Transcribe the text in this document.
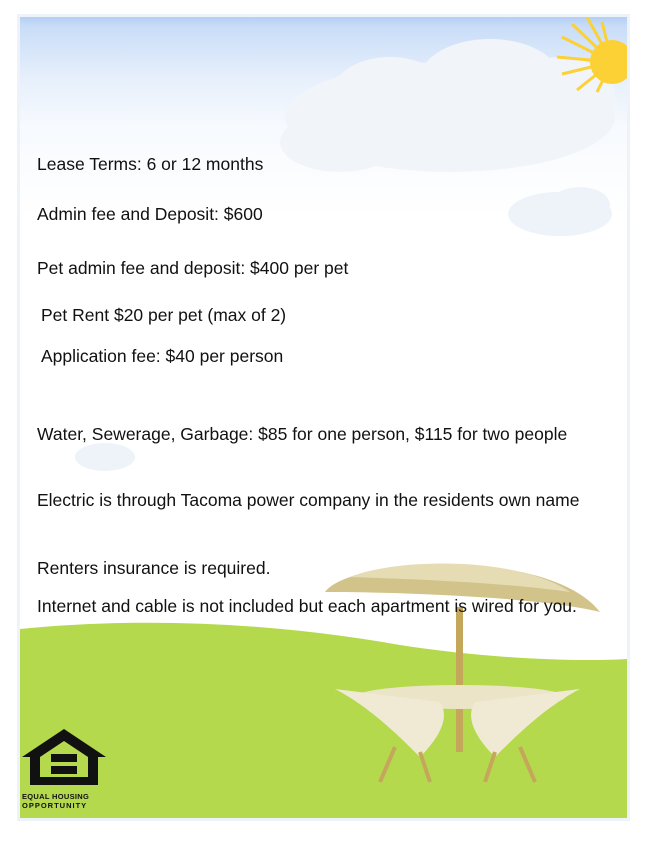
Lease Terms: 6 or 12 months
Admin fee and Deposit: $600
Pet admin fee and deposit: $400 per pet
Pet Rent $20 per pet (max of 2)
Application fee: $40 per person
Water, Sewerage, Garbage: $85 for one person, $115 for two people
Electric is through Tacoma power company in the residents own name
Renters insurance is required.
Internet and cable is not included but each apartment is wired for you.
EQUAL HOUSING
OPPORTUNITY
